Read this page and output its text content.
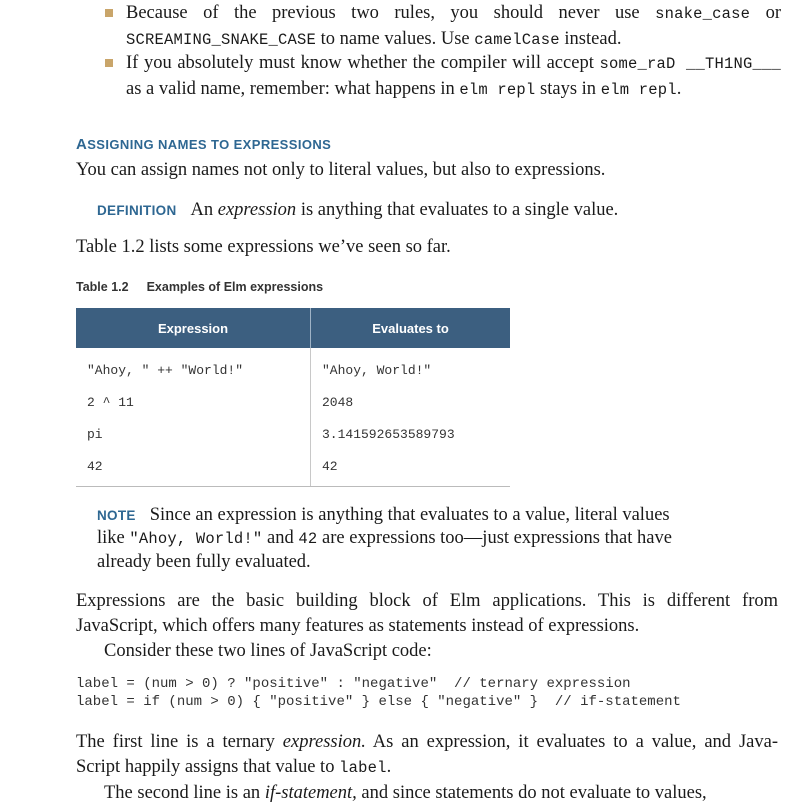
Because of the previous two rules, you should never use snake_case or SCREAMING_SNAKE_CASE to name values. Use camelCase instead.
If you absolutely must know whether the compiler will accept some_raD __TH1NG___ as a valid name, remember: what happens in elm repl stays in elm repl.
ASSIGNING NAMES TO EXPRESSIONS
You can assign names not only to literal values, but also to expressions.
DEFINITION An expression is anything that evaluates to a single value.
Table 1.2 lists some expressions we’ve seen so far.
Table 1.2 Examples of Elm expressions
Expression	Evaluates to
"Ahoy, " ++ "World!"	"Ahoy, World!"
2 ^ 11	2048
pi	3.141592653589793
42	42
NOTE Since an expression is anything that evaluates to a value, literal values
like "Ahoy, World!" and 42 are expressions too—just expressions that have
already been fully evaluated.
Expressions are the basic building block of Elm applications. This is different from
JavaScript, which offers many features as statements instead of expressions.
Consider these two lines of JavaScript code:
label = (num > 0) ? "positive" : "negative"  // ternary expression
label = if (num > 0) { "positive" } else { "negative" }  // if-statement
The first line is a ternary expression. As an expression, it evaluates to a value, and Java-
Script happily assigns that value to label.
The second line is an if-statement, and since statements do not evaluate to values,
